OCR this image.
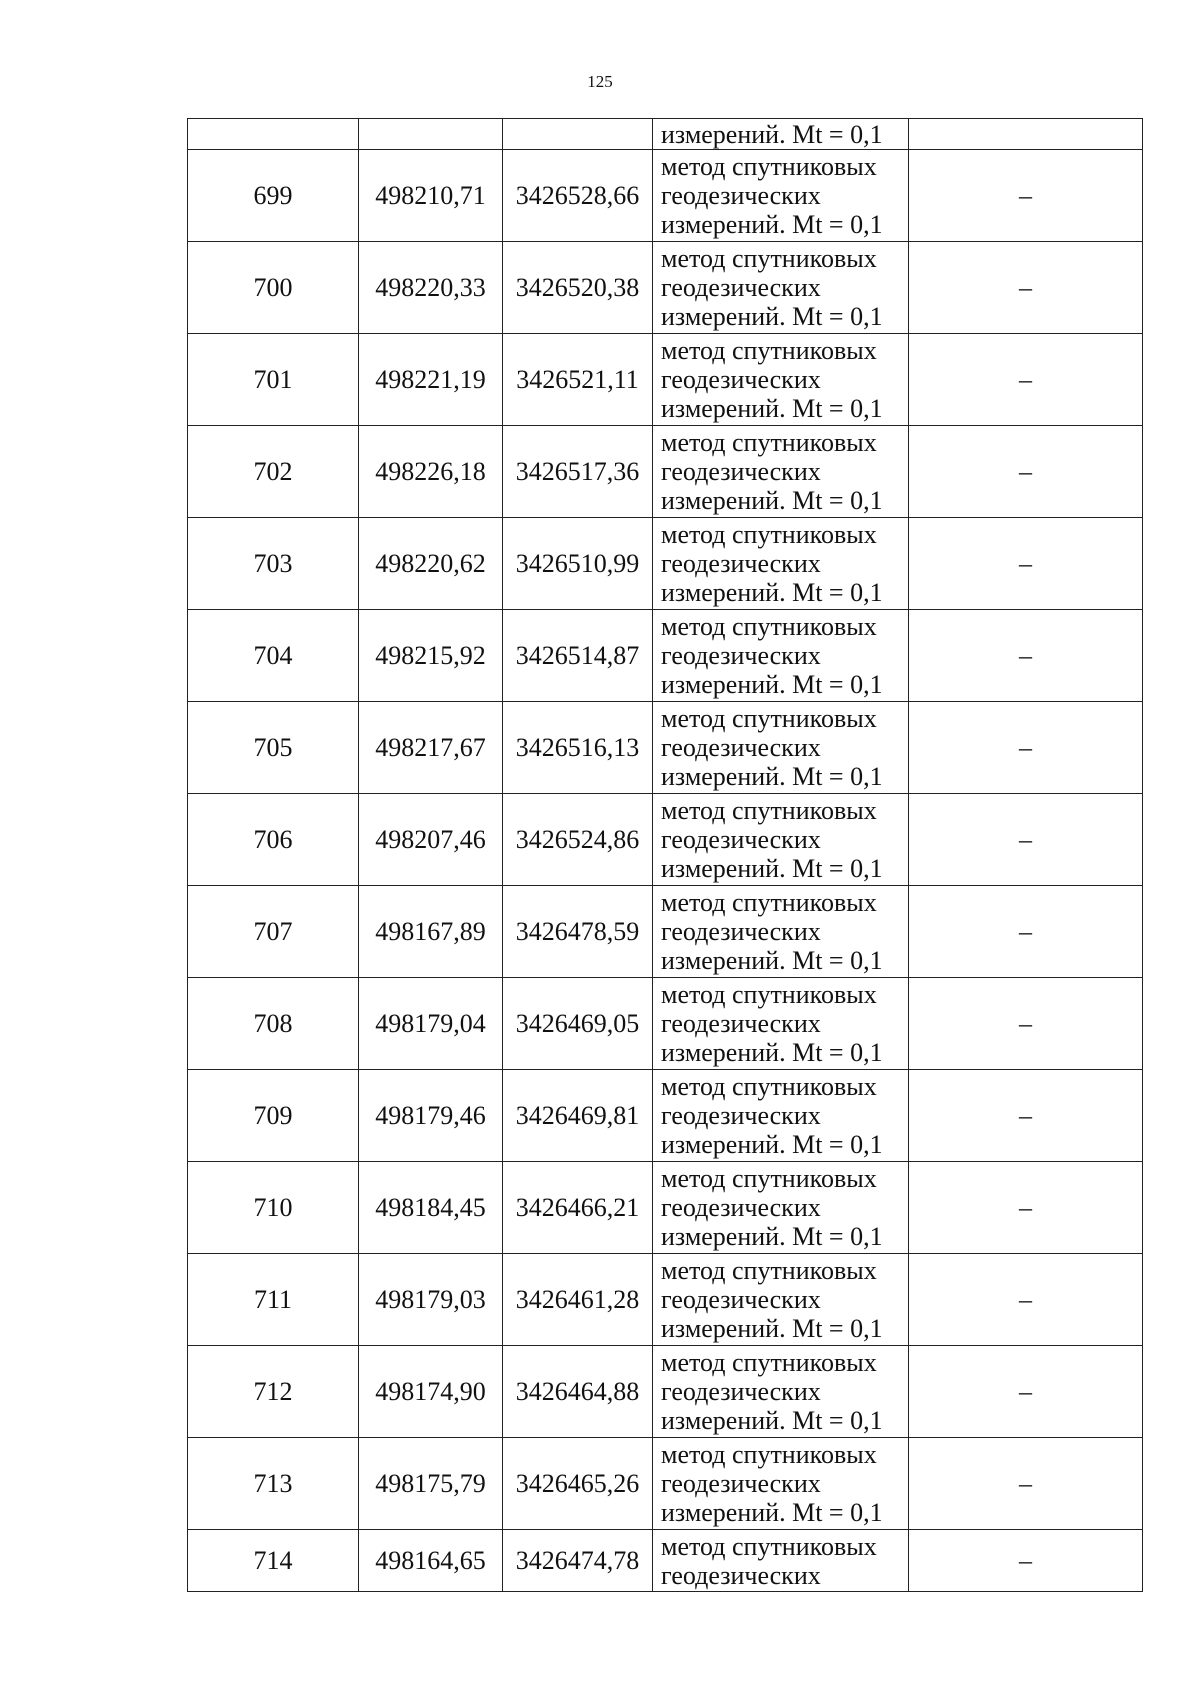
125
			измерений. Mt = 0,1	
699	498210,71	3426528,66	метод спутниковых
геодезических
измерений. Mt = 0,1	–
700	498220,33	3426520,38	метод спутниковых
геодезических
измерений. Mt = 0,1	–
701	498221,19	3426521,11	метод спутниковых
геодезических
измерений. Mt = 0,1	–
702	498226,18	3426517,36	метод спутниковых
геодезических
измерений. Mt = 0,1	–
703	498220,62	3426510,99	метод спутниковых
геодезических
измерений. Mt = 0,1	–
704	498215,92	3426514,87	метод спутниковых
геодезических
измерений. Mt = 0,1	–
705	498217,67	3426516,13	метод спутниковых
геодезических
измерений. Mt = 0,1	–
706	498207,46	3426524,86	метод спутниковых
геодезических
измерений. Mt = 0,1	–
707	498167,89	3426478,59	метод спутниковых
геодезических
измерений. Mt = 0,1	–
708	498179,04	3426469,05	метод спутниковых
геодезических
измерений. Mt = 0,1	–
709	498179,46	3426469,81	метод спутниковых
геодезических
измерений. Mt = 0,1	–
710	498184,45	3426466,21	метод спутниковых
геодезических
измерений. Mt = 0,1	–
711	498179,03	3426461,28	метод спутниковых
геодезических
измерений. Mt = 0,1	–
712	498174,90	3426464,88	метод спутниковых
геодезических
измерений. Mt = 0,1	–
713	498175,79	3426465,26	метод спутниковых
геодезических
измерений. Mt = 0,1	–
714	498164,65	3426474,78	метод спутниковых
геодезических	–
